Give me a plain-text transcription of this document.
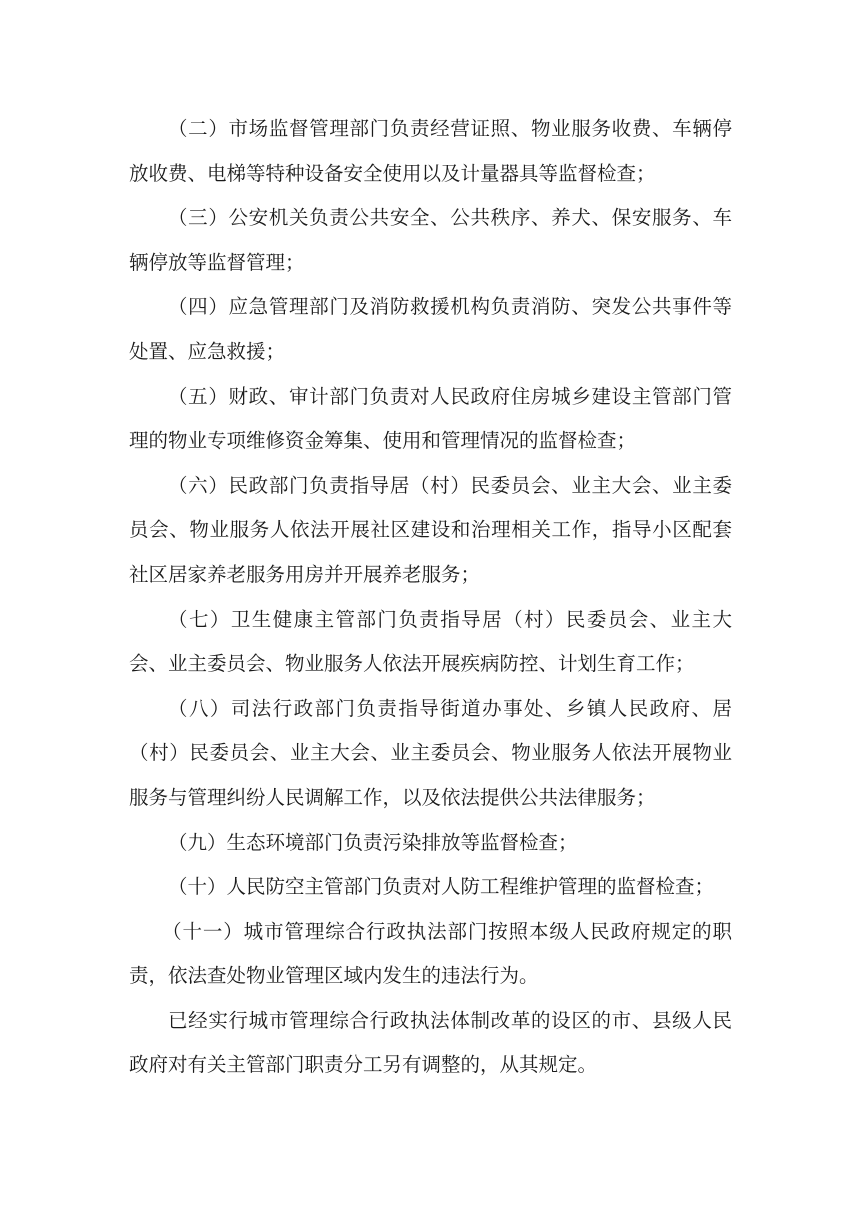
（二）市场监督管理部门负责经营证照、物业服务收费、车辆停放收费、电梯等特种设备安全使用以及计量器具等监督检查；

（三）公安机关负责公共安全、公共秩序、养犬、保安服务、车辆停放等监督管理；

（四）应急管理部门及消防救援机构负责消防、突发公共事件等处置、应急救援；

（五）财政、审计部门负责对人民政府住房城乡建设主管部门管理的物业专项维修资金筹集、使用和管理情况的监督检查；

（六）民政部门负责指导居（村）民委员会、业主大会、业主委员会、物业服务人依法开展社区建设和治理相关工作，指导小区配套社区居家养老服务用房并开展养老服务；

（七）卫生健康主管部门负责指导居（村）民委员会、业主大会、业主委员会、物业服务人依法开展疾病防控、计划生育工作；

（八）司法行政部门负责指导街道办事处、乡镇人民政府、居（村）民委员会、业主大会、业主委员会、物业服务人依法开展物业服务与管理纠纷人民调解工作，以及依法提供公共法律服务；

（九）生态环境部门负责污染排放等监督检查；

（十）人民防空主管部门负责对人防工程维护管理的监督检查；

（十一）城市管理综合行政执法部门按照本级人民政府规定的职责，依法查处物业管理区域内发生的违法行为。

已经实行城市管理综合行政执法体制改革的设区的市、县级人民政府对有关主管部门职责分工另有调整的，从其规定。
